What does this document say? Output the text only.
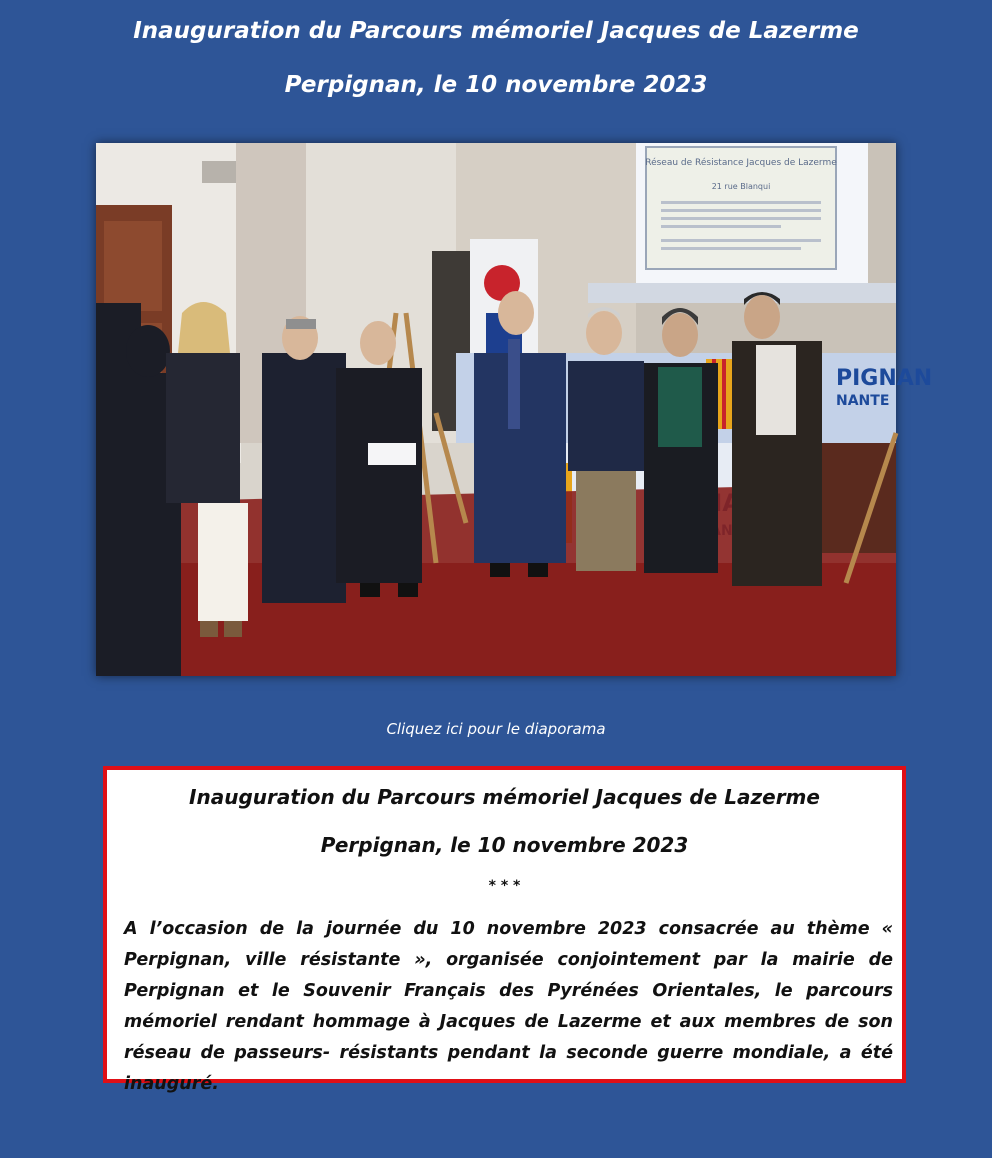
Inauguration du Parcours mémoriel Jacques de Lazerme
Perpignan, le 10 novembre 2023
Réseau de Résistance Jacques de Lazerme
21 rue Blanqui
PIGNAN
NANTE
Cliquez ici pour le diaporama
Inauguration du Parcours mémoriel Jacques de Lazerme
Perpignan, le 10 novembre 2023
* * *

A l’occasion de la journée du 10 novembre 2023 consacrée au thème « Perpignan, ville résistante », organisée conjointement par la mairie de Perpignan et le Souvenir Français des Pyrénées Orientales, le parcours mémoriel rendant hommage à Jacques de Lazerme et aux membres de son réseau de passeurs- résistants pendant la seconde guerre mondiale, a été inauguré.
